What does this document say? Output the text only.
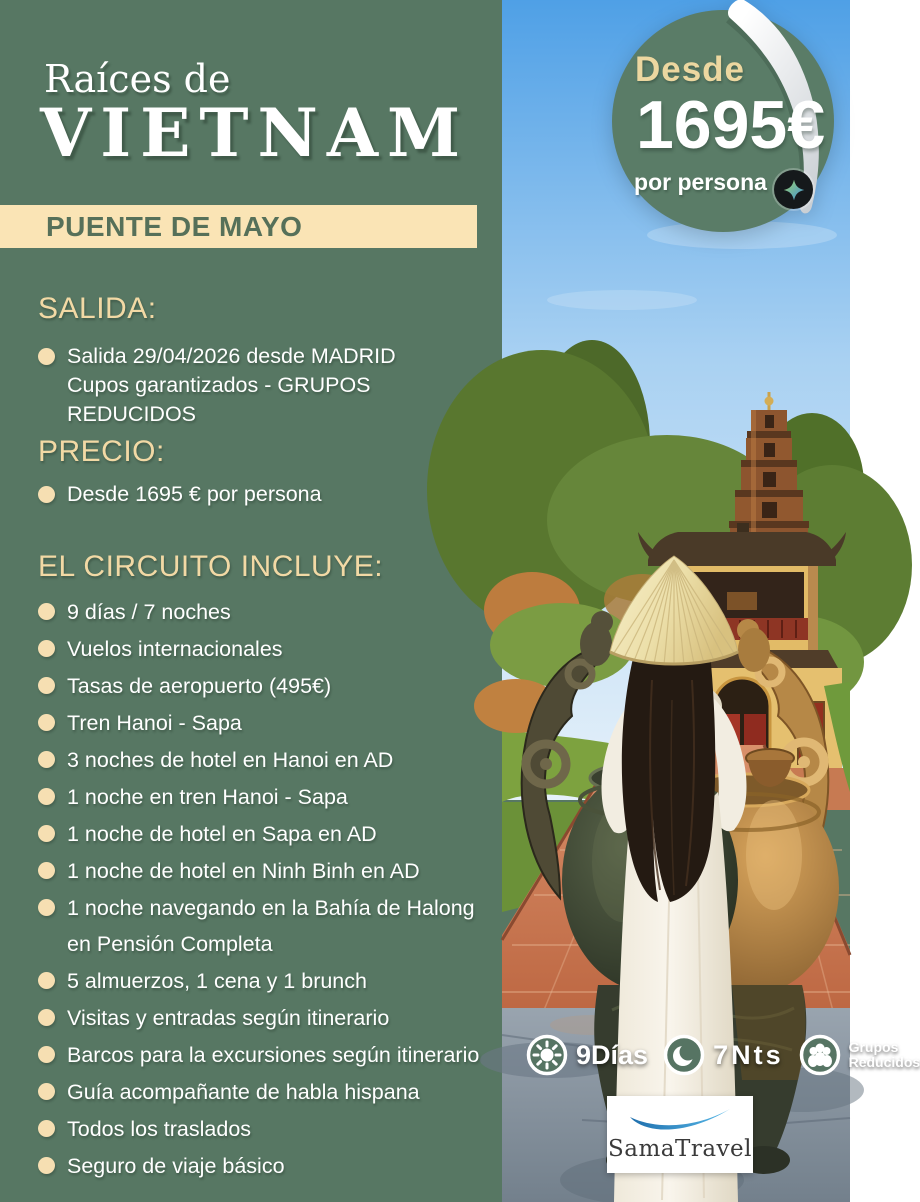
Raíces de
VIETNAM
PUENTE DE MAYO
SALIDA:
Salida 29/04/2026 desde MADRID
Cupos garantizados - GRUPOS REDUCIDOS
PRECIO:
Desde 1695 € por persona
EL CIRCUITO INCLUYE:
9 días / 7 noches
Vuelos internacionales
Tasas de aeropuerto (495€)
Tren Hanoi - Sapa
3 noches de hotel en Hanoi en AD
1 noche en tren Hanoi - Sapa
1 noche de hotel en Sapa en AD
1 noche de hotel en Ninh Binh en AD
1 noche navegando en la Bahía de Halong en Pensión Completa
5 almuerzos, 1 cena y 1 brunch
Visitas y entradas según itinerario
Barcos para la excursiones según itinerario
Guía acompañante de habla hispana
Todos los traslados
Seguro de viaje básico
Desde
1695€
por persona
9Días 7Nts	Grupos
Reducidos
SamaTravel
